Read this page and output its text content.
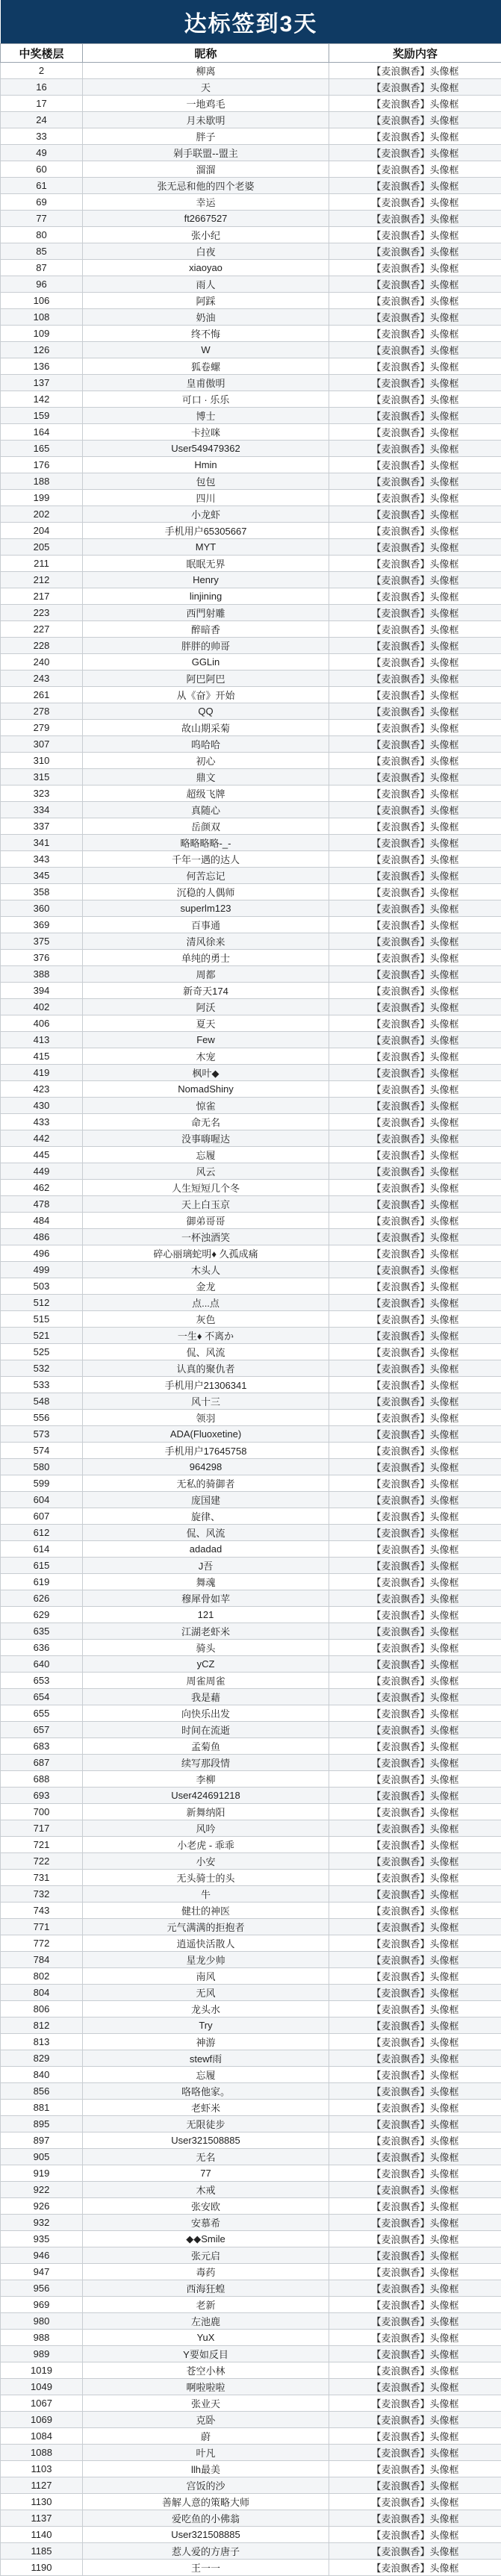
达标签到3天		
中奖楼层	昵称	奖励内容
2	柳离	【麦浪飘香】头像框
16	天	【麦浪飘香】头像框
17	一地鸡毛	【麦浪飘香】头像框
24	月未歇明	【麦浪飘香】头像框
33	胖子	【麦浪飘香】头像框
49	剁手联盟--盟主	【麦浪飘香】头像框
60	溜溜	【麦浪飘香】头像框
61	张无忌和他的四个老婆	【麦浪飘香】头像框
69	幸运	【麦浪飘香】头像框
77	ft2667527	【麦浪飘香】头像框
80	张小纪	【麦浪飘香】头像框
85	白夜	【麦浪飘香】头像框
87	xiaoyao	【麦浪飘香】头像框
96	雨人	【麦浪飘香】头像框
106	阿踩	【麦浪飘香】头像框
108	奶油	【麦浪飘香】头像框
109	终不悔	【麦浪飘香】头像框
126	W	【麦浪飘香】头像框
136	狐卷螺	【麦浪飘香】头像框
137	皇甫傲明	【麦浪飘香】头像框
142	可口 · 乐乐	【麦浪飘香】头像框
159	博士	【麦浪飘香】头像框
164	卡拉咪	【麦浪飘香】头像框
165	User549479362	【麦浪飘香】头像框
176	Hmin	【麦浪飘香】头像框
188	包包	【麦浪飘香】头像框
199	四川	【麦浪飘香】头像框
202	小龙虾	【麦浪飘香】头像框
204	手机用户65305667	【麦浪飘香】头像框
205	MYT	【麦浪飘香】头像框
211	眠眠无界	【麦浪飘香】头像框
212	Henry	【麦浪飘香】头像框
217	linjining	【麦浪飘香】头像框
223	西門射雕	【麦浪飘香】头像框
227	醉暗香	【麦浪飘香】头像框
228	胖胖的帅哥	【麦浪飘香】头像框
240	GGLin	【麦浪飘香】头像框
243	阿巴阿巴	【麦浪飘香】头像框
261	从《奋》开始	【麦浪飘香】头像框
278	QQ	【麦浪飘香】头像框
279	故山期采菊	【麦浪飘香】头像框
307	呜哈哈	【麦浪飘香】头像框
310	初心	【麦浪飘香】头像框
315	鼎文	【麦浪飘香】头像框
323	超级飞牌	【麦浪飘香】头像框
334	真随心	【麦浪飘香】头像框
337	岳颜双	【麦浪飘香】头像框
341	略略略略-_-	【麦浪飘香】头像框
343	千年一遇的达人	【麦浪飘香】头像框
345	何苦忘记	【麦浪飘香】头像框
358	沉稳的人偶师	【麦浪飘香】头像框
360	superlm123	【麦浪飘香】头像框
369	百事通	【麦浪飘香】头像框
375	清风徐来	【麦浪飘香】头像框
376	单纯的勇士	【麦浪飘香】头像框
388	周都	【麦浪飘香】头像框
394	新奇天174	【麦浪飘香】头像框
402	阿沃	【麦浪飘香】头像框
406	夏天	【麦浪飘香】头像框
413	Few	【麦浪飘香】头像框
415	木宠	【麦浪飘香】头像框
419	枫叶◆	【麦浪飘香】头像框
423	NomadShiny	【麦浪飘香】头像框
430	惊雀	【麦浪飘香】头像框
433	命无名	【麦浪飘香】头像框
442	没事嗨喔达	【麦浪飘香】头像框
445	忘履	【麦浪飘香】头像框
449	风云	【麦浪飘香】头像框
462	人生短短几个冬	【麦浪飘香】头像框
478	天上白玉京	【麦浪飘香】头像框
484	御弟哥哥	【麦浪飘香】头像框
486	一杯浊酒笑	【麦浪飘香】头像框
496	碎心丽璃蛇明♦ 久孤成痛	【麦浪飘香】头像框
499	木头人	【麦浪飘香】头像框
503	金龙	【麦浪飘香】头像框
512	点...点	【麦浪飘香】头像框
515	灰色	【麦浪飘香】头像框
521	一生♦ 不离か	【麦浪飘香】头像框
525	侃、风流	【麦浪飘香】头像框
532	认真的聚仇者	【麦浪飘香】头像框
533	手机用户21306341	【麦浪飘香】头像框
548	风十三	【麦浪飘香】头像框
556	领羽	【麦浪飘香】头像框
573	ADA(Fluoxetine)	【麦浪飘香】头像框
574	手机用户17645758	【麦浪飘香】头像框
580	964298	【麦浪飘香】头像框
599	无私的骑御者	【麦浪飘香】头像框
604	庞国建	【麦浪飘香】头像框
607	旋律、	【麦浪飘香】头像框
612	侃、风流	【麦浪飘香】头像框
614	adadad	【麦浪飘香】头像框
615	J吾	【麦浪飘香】头像框
619	舞魂	【麦浪飘香】头像框
626	穆犀骨如苹	【麦浪飘香】头像框
629	121	【麦浪飘香】头像框
635	江湖老虾米	【麦浪飘香】头像框
636	骑头	【麦浪飘香】头像框
640	yCZ	【麦浪飘香】头像框
653	周雀周雀	【麦浪飘香】头像框
654	我是藉	【麦浪飘香】头像框
655	向快乐出发	【麦浪飘香】头像框
657	时间在流逝	【麦浪飘香】头像框
683	孟菊鱼	【麦浪飘香】头像框
687	续写那段情	【麦浪飘香】头像框
688	李柳	【麦浪飘香】头像框
693	User424691218	【麦浪飘香】头像框
700	新舞纳阳	【麦浪飘香】头像框
717	风吟	【麦浪飘香】头像框
721	小老虎 - 乖乖	【麦浪飘香】头像框
722	小安	【麦浪飘香】头像框
731	无头骑士的头	【麦浪飘香】头像框
732	牛	【麦浪飘香】头像框
743	健壮的神医	【麦浪飘香】头像框
771	元气满满的拒抱者	【麦浪飘香】头像框
772	逍遥快活散人	【麦浪飘香】头像框
784	星龙少帅	【麦浪飘香】头像框
802	南风	【麦浪飘香】头像框
804	无风	【麦浪飘香】头像框
806	龙头水	【麦浪飘香】头像框
812	Try	【麦浪飘香】头像框
813	神游	【麦浪飘香】头像框
829	stewf雨	【麦浪飘香】头像框
840	忘履	【麦浪飘香】头像框
856	咯咯他家。	【麦浪飘香】头像框
881	老虾米	【麦浪飘香】头像框
895	无限徒步	【麦浪飘香】头像框
897	User321508885	【麦浪飘香】头像框
905	无名	【麦浪飘香】头像框
919	77	【麦浪飘香】头像框
922	木戒	【麦浪飘香】头像框
926	张安欧	【麦浪飘香】头像框
932	安慕希	【麦浪飘香】头像框
935	◆◆Smile	【麦浪飘香】头像框
946	张元启	【麦浪飘香】头像框
947	毒药	【麦浪飘香】头像框
956	西海狂蝗	【麦浪飘香】头像框
969	老新	【麦浪飘香】头像框
980	左池鹿	【麦浪飘香】头像框
988	YuX	【麦浪飘香】头像框
989	Y要如反目	【麦浪飘香】头像框
1019	苍空小林	【麦浪飘香】头像框
1049	啊啦啦啦	【麦浪飘香】头像框
1067	张业天	【麦浪飘香】头像框
1069	克卧	【麦浪飘香】头像框
1084	蔚	【麦浪飘香】头像框
1088	叶凡	【麦浪飘香】头像框
1103	llh最美	【麦浪飘香】头像框
1127	宫饭的沙	【麦浪飘香】头像框
1130	善解人意的策略大师	【麦浪飘香】头像框
1137	爱吃鱼的小佛翁	【麦浪飘香】头像框
1140	User321508885	【麦浪飘香】头像框
1185	惹人爱的方唐子	【麦浪飘香】头像框
1190	王一一	【麦浪飘香】头像框
